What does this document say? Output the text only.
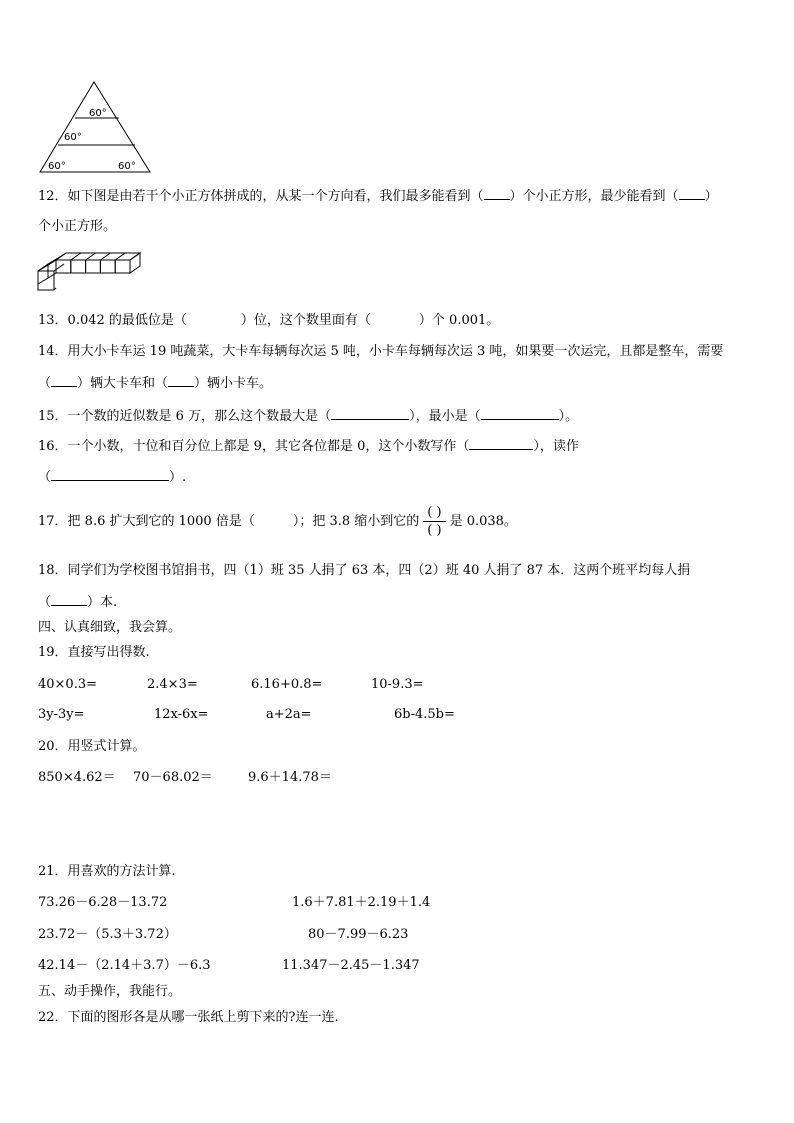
60°
60°
60°	60°
12．如下图是由若干个小正方体拼成的，从某一个方向看，我们最多能看到（ ）个小正方形，最少能看到（ ）
个小正方形。
13．0.042 的最低位是（	）位，这个数里面有（	）个 0.001。
14．用大小卡车运 19 吨蔬菜，大卡车每辆每次运 5 吨，小卡车每辆每次运 3 吨，如果要一次运完，且都是整车，需要
（ ）辆大卡车和（ ）辆小卡车。
15．一个数的近似数是 6 万，那么这个数最大是（	），最小是（	）。
16．一个小数，十位和百分位上都是 9，其它各位都是 0，这个小数写作（	），读作
（	）.
17．把 8.6 扩大到它的 1000 倍是（	）；把 3.8 缩小到它的 $\frac{( )}{( )}$ 是 0.038。
18．同学们为学校图书馆捐书，四（1）班 35 人捐了 63 本，四（2）班 40 人捐了 87 本．这两个班平均每人捐
（	）本.
四、认真细致，我会算。
19．直接写出得数.
40×0.3=	2.4×3=	6.16+0.8=	10-9.3=
3y-3y=	12x-6x=	a+2a=	6b-4.5b=
20．用竖式计算。
850×4.62＝ 70－68.02＝	9.6＋14.78＝
21．用喜欢的方法计算.
73.26－6.28－13.72	1.6＋7.81＋2.19＋1.4
23.72－（5.3＋3.72）	80－7.99－6.23
42.14－（2.14＋3.7）－6.3	11.347－2.45－1.347
五、动手操作，我能行。
22．下面的图形各是从哪一张纸上剪下来的?连一连.
